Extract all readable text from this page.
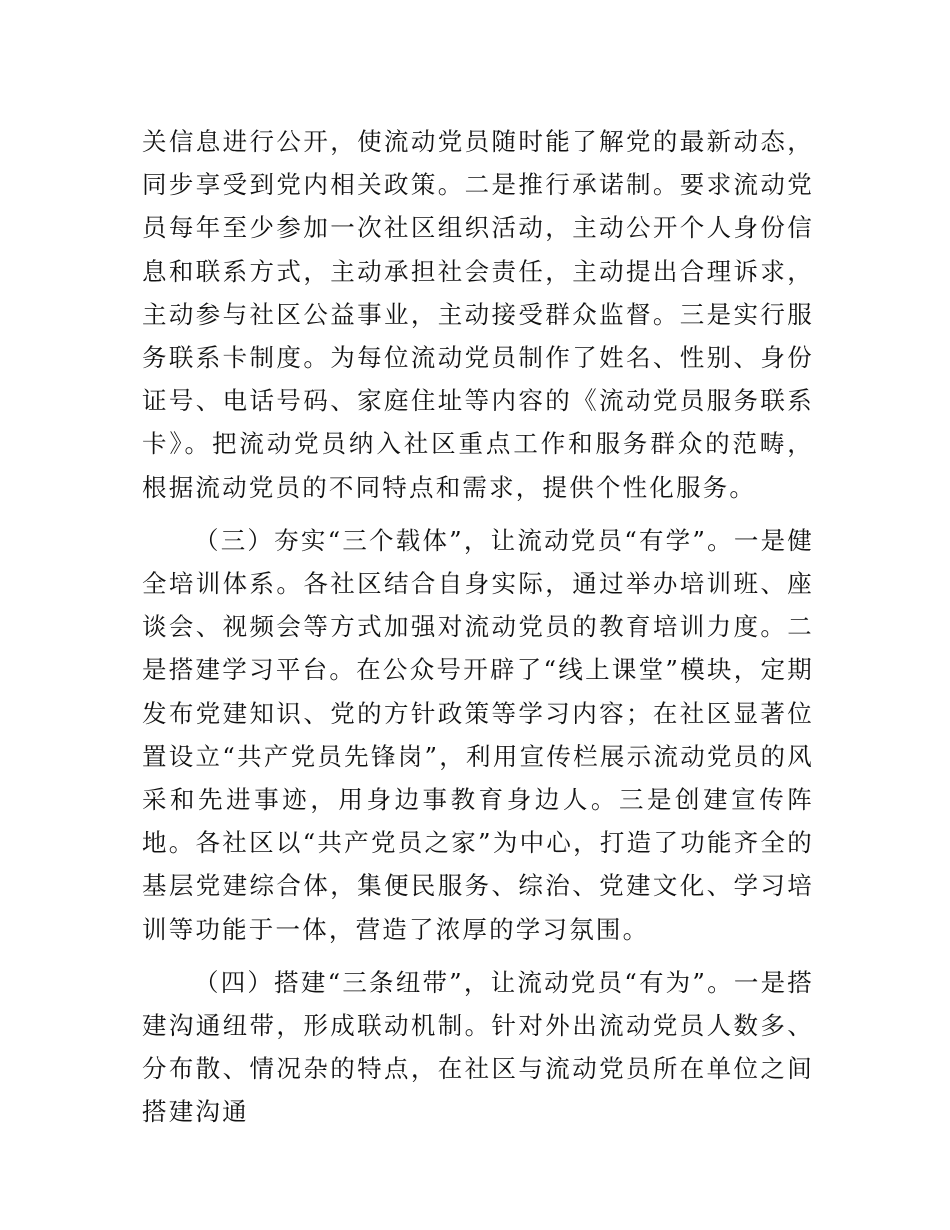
关信息进行公开，使流动党员随时能了解党的最新动态，同步享受到党内相关政策。二是推行承诺制。要求流动党员每年至少参加一次社区组织活动，主动公开个人身份信息和联系方式，主动承担社会责任，主动提出合理诉求，主动参与社区公益事业，主动接受群众监督。三是实行服务联系卡制度。为每位流动党员制作了姓名、性别、身份证号、电话号码、家庭住址等内容的《流动党员服务联系卡》。把流动党员纳入社区重点工作和服务群众的范畴，根据流动党员的不同特点和需求，提供个性化服务。

（三）夯实“三个载体”，让流动党员“有学”。一是健全培训体系。各社区结合自身实际，通过举办培训班、座谈会、视频会等方式加强对流动党员的教育培训力度。二是搭建学习平台。在公众号开辟了“线上课堂”模块，定期发布党建知识、党的方针政策等学习内容；在社区显著位置设立“共产党员先锋岗”，利用宣传栏展示流动党员的风采和先进事迹，用身边事教育身边人。三是创建宣传阵地。各社区以“共产党员之家”为中心，打造了功能齐全的基层党建综合体，集便民服务、综治、党建文化、学习培训等功能于一体，营造了浓厚的学习氛围。

（四）搭建“三条纽带”，让流动党员“有为”。一是搭建沟通纽带，形成联动机制。针对外出流动党员人数多、分布散、情况杂的特点，在社区与流动党员所在单位之间搭建沟通
